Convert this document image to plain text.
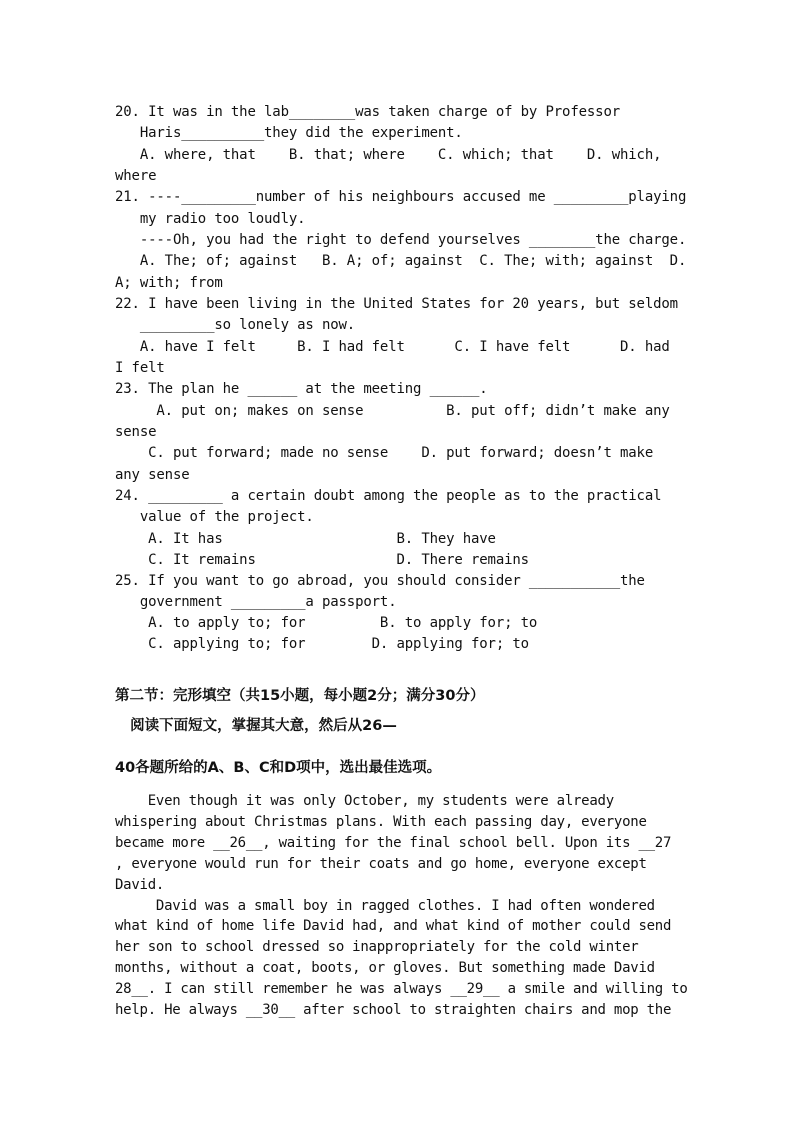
20. It was in the lab________was taken charge of by Professor
Haris__________they did the experiment.
A. where, that    B. that; where    C. which; that    D. which,
where
21. ----_________number of his neighbours accused me _________playing
my radio too loudly.
----Oh, you had the right to defend yourselves ________the charge.
A. The; of; against   B. A; of; against  C. The; with; against  D.
A; with; from
22. I have been living in the United States for 20 years, but seldom
_________so lonely as now.
A. have I felt     B. I had felt      C. I have felt      D. had
I felt
23. The plan he ______ at the meeting ______.
A. put on; makes on sense          B. put off; didn’t make any
sense
C. put forward; made no sense    D. put forward; doesn’t make
any sense
24. _________ a certain doubt among the people as to the practical
value of the project.
A. It has                     B. They have
C. It remains                 D. There remains
25. If you want to go abroad, you should consider ___________the
government _________a passport.
A. to apply to; for         B. to apply for; to
C. applying to; for        D. applying for; to
第二节：完形填空（共15小题，每小题2分；满分30分）
阅读下面短文，掌握其大意，然后从26—
40各题所给的A、B、C和D项中，选出最佳选项。
Even though it was only October, my students were already
whispering about Christmas plans. With each passing day, everyone
became more __26__, waiting for the final school bell. Upon its __27
, everyone would run for their coats and go home, everyone except
David.
David was a small boy in ragged clothes. I had often wondered
what kind of home life David had, and what kind of mother could send
her son to school dressed so inappropriately for the cold winter
months, without a coat, boots, or gloves. But something made David
28__. I can still remember he was always __29__ a smile and willing to
help. He always __30__ after school to straighten chairs and mop the
